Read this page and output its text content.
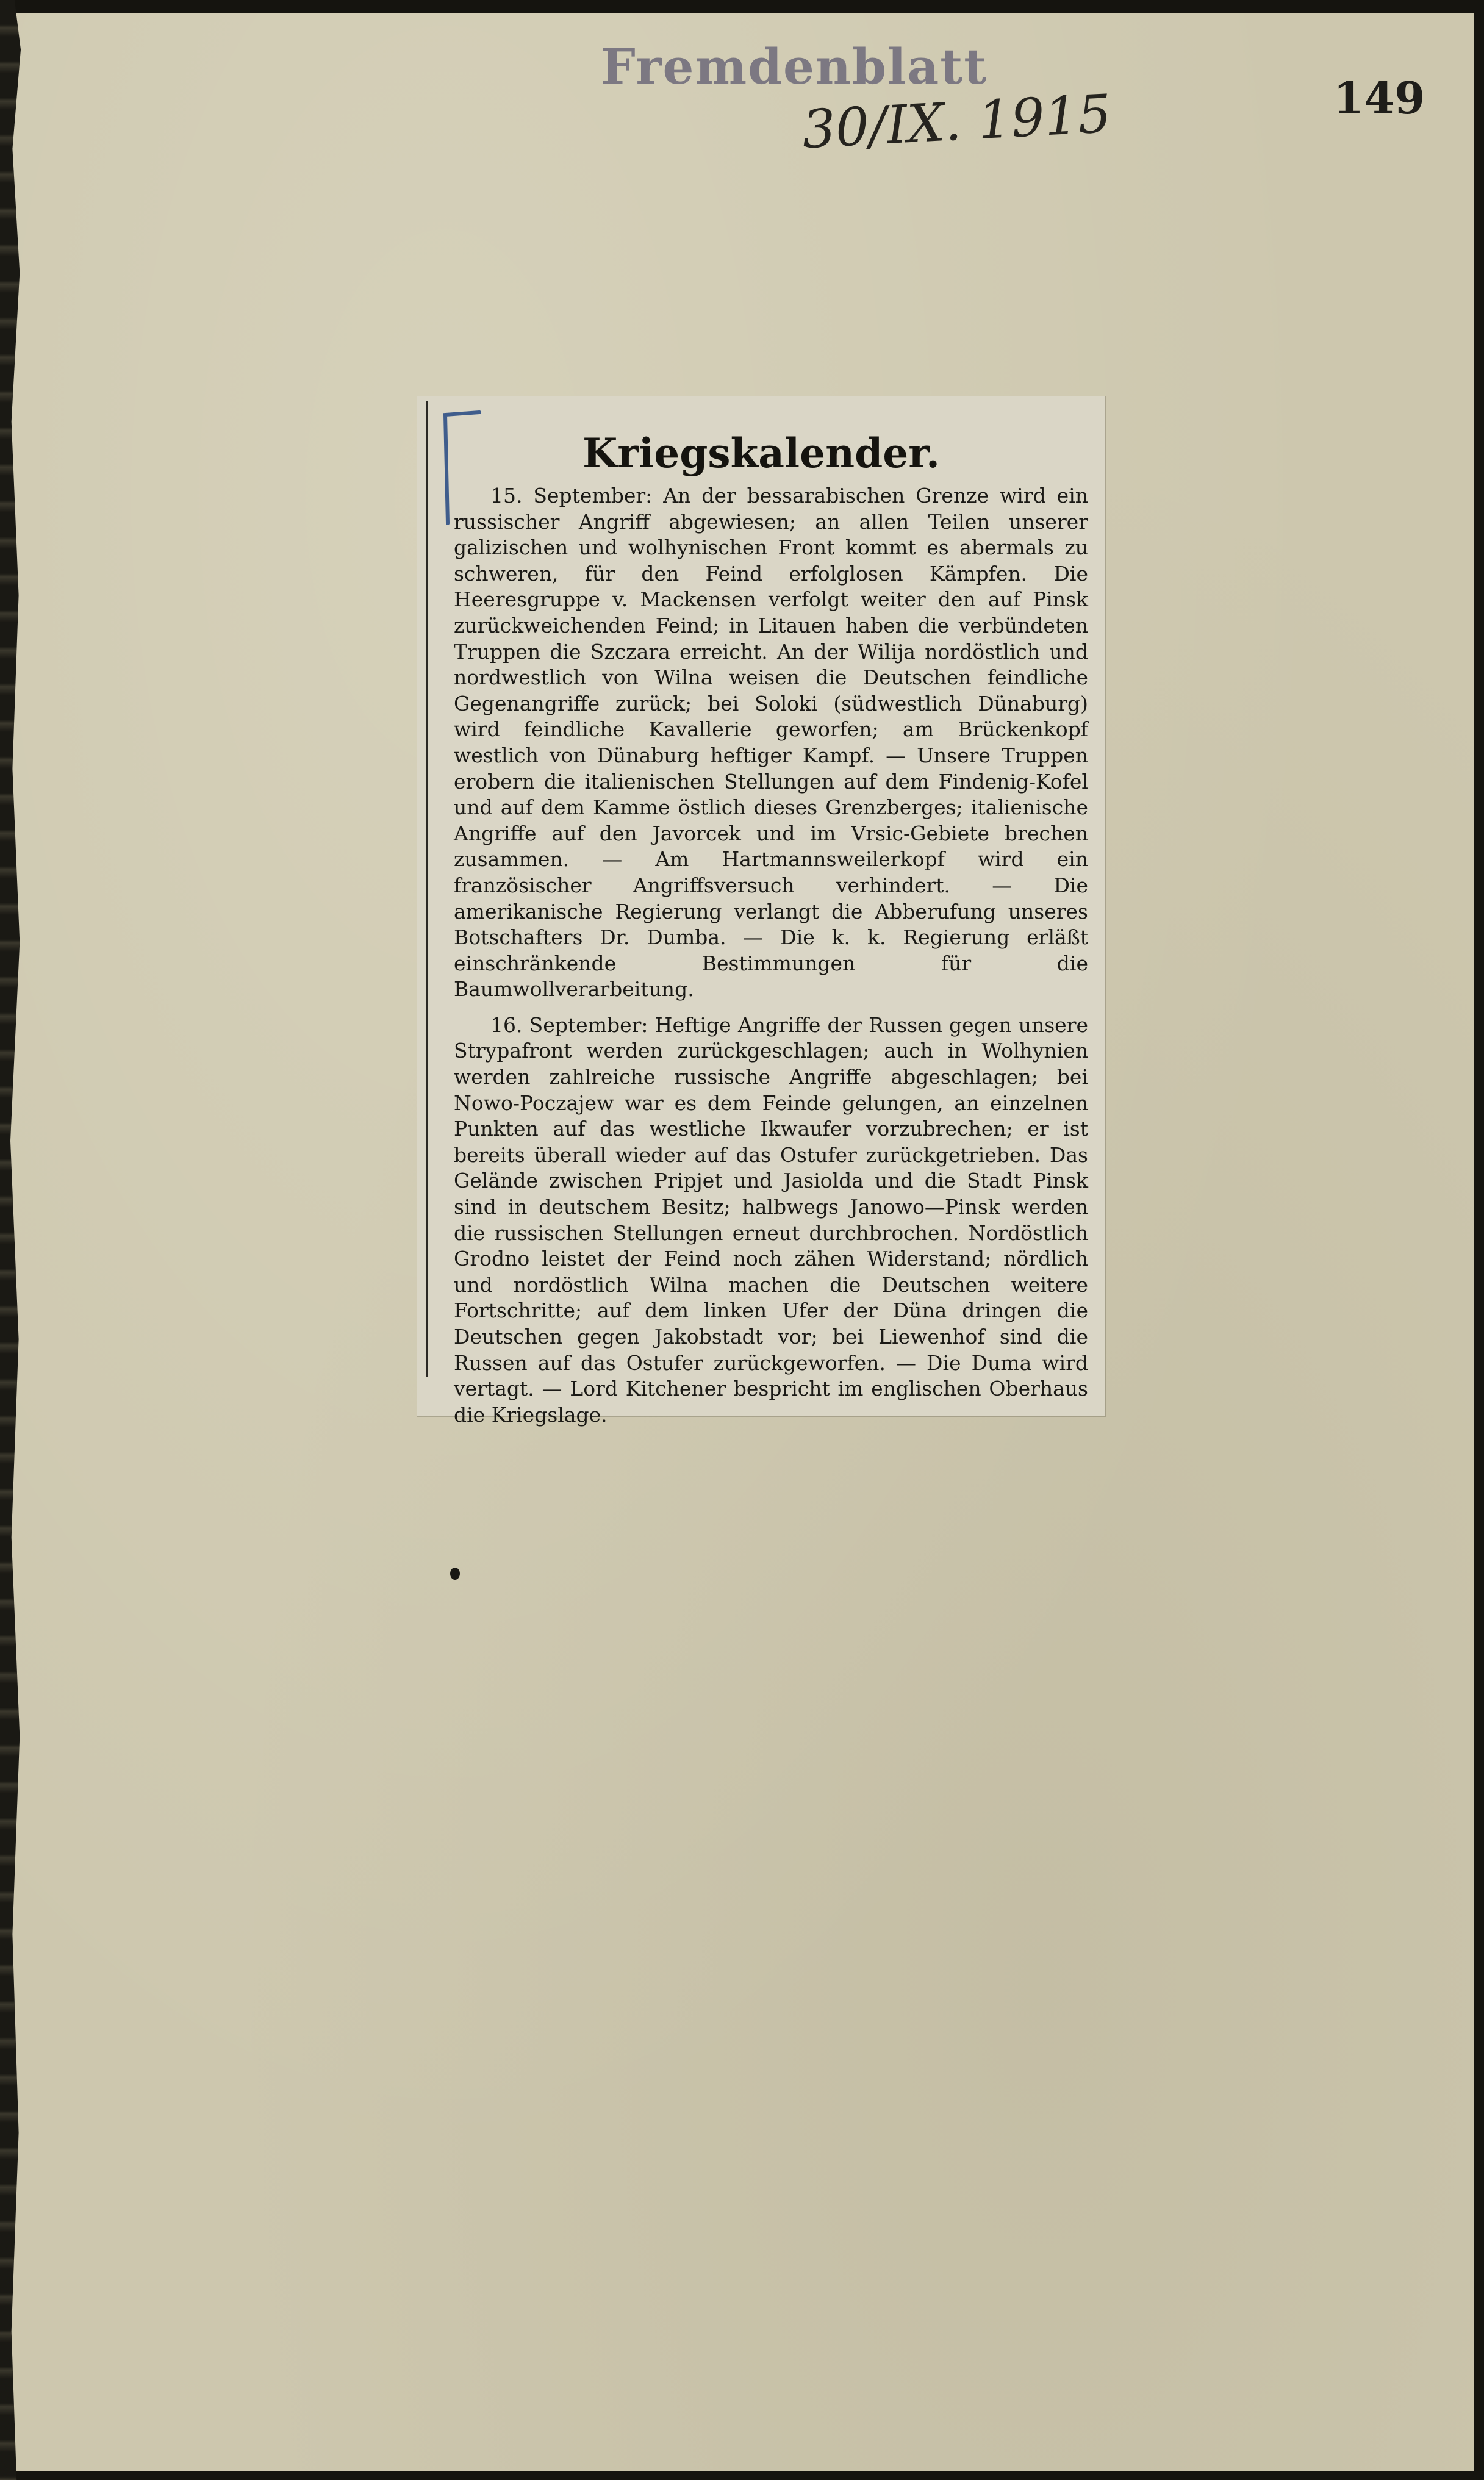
Fremdenblatt
30/IX. 1915	149
Kriegskalender.

15. September: An der bessarabischen Grenze wird ein russischer Angriff abgewiesen; an allen Teilen unserer galizischen und wolhynischen Front kommt es abermals zu schweren, für den Feind erfolglosen Kämpfen. Die Heeresgruppe v. Mackensen verfolgt weiter den auf Pinsk zurückweichenden Feind; in Litauen haben die verbündeten Truppen die Szczara erreicht. An der Wilija nordöstlich und nordwestlich von Wilna weisen die Deutschen feindliche Gegenangriffe zurück; bei Soloki (südwestlich Dünaburg) wird feindliche Kavallerie geworfen; am Brückenkopf westlich von Dünaburg heftiger Kampf. — Unsere Truppen erobern die italienischen Stellungen auf dem Findenig-Kofel und auf dem Kamme östlich dieses Grenzberges; italienische Angriffe auf den Javorcek und im Vrsic-Gebiete brechen zusammen. — Am Hartmannsweilerkopf wird ein französischer Angriffsversuch verhindert. — Die amerikanische Regierung verlangt die Abberufung unseres Botschafters Dr. Dumba. — Die k. k. Regierung erläßt einschränkende Bestimmungen für die Baumwollverarbeitung.

16. September: Heftige Angriffe der Russen gegen unsere Strypafront werden zurückgeschlagen; auch in Wolhynien werden zahlreiche russische Angriffe abgeschlagen; bei Nowo-Poczajew war es dem Feinde gelungen, an einzelnen Punkten auf das westliche Ikwaufer vorzubrechen; er ist bereits überall wieder auf das Ostufer zurückgetrieben. Das Gelände zwischen Pripjet und Jasiolda und die Stadt Pinsk sind in deutschem Besitz; halbwegs Janowo—Pinsk werden die russischen Stellungen erneut durchbrochen. Nordöstlich Grodno leistet der Feind noch zähen Widerstand; nördlich und nordöstlich Wilna machen die Deutschen weitere Fortschritte; auf dem linken Ufer der Düna dringen die Deutschen gegen Jakobstadt vor; bei Liewenhof sind die Russen auf das Ostufer zurückgeworfen. — Die Duma wird vertagt. — Lord Kitchener bespricht im englischen Oberhaus die Kriegslage.
